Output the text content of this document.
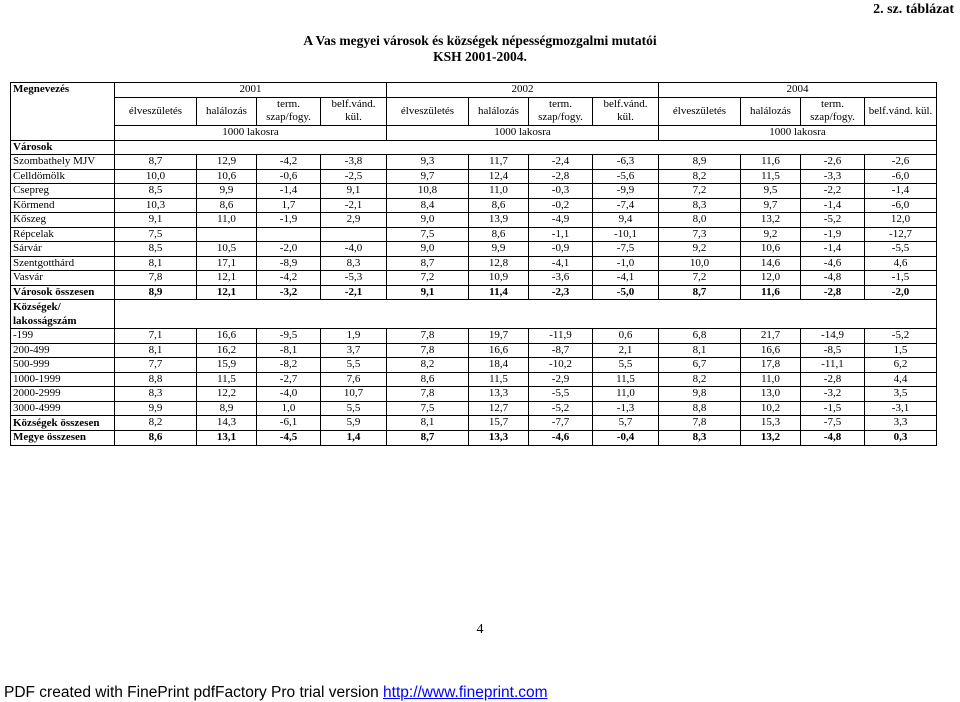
2. sz. táblázat
A Vas megyei városok és községek népességmozgalmi mutatói
KSH 2001-2004.
Megnevezés	2001				2002				2004			
	élveszületés	halálozás	term. szap/fogy.	belf.vánd. kül.	élveszületés	halálozás	term. szap/fogy.	belf.vánd. kül.	élveszületés	halálozás	term. szap/fogy.	belf.vánd. kül.
	1000 lakosra				1000 lakosra				1000 lakosra			
Városok												
Szombathely MJV	8,7	12,9	-4,2	-3,8	9,3	11,7	-2,4	-6,3	8,9	11,6	-2,6	-2,6
Celldömölk	10,0	10,6	-0,6	-2,5	9,7	12,4	-2,8	-5,6	8,2	11,5	-3,3	-6,0
Csepreg	8,5	9,9	-1,4	9,1	10,8	11,0	-0,3	-9,9	7,2	9,5	-2,2	-1,4
Körmend	10,3	8,6	1,7	-2,1	8,4	8,6	-0,2	-7,4	8,3	9,7	-1,4	-6,0
Kőszeg	9,1	11,0	-1,9	2,9	9,0	13,9	-4,9	9,4	8,0	13,2	-5,2	12,0
Répcelak	7,5				7,5	8,6	-1,1	-10,1	7,3	9,2	-1,9	-12,7
Sárvár	8,5	10,5	-2,0	-4,0	9,0	9,9	-0,9	-7,5	9,2	10,6	-1,4	-5,5
Szentgotthárd	8,1	17,1	-8,9	8,3	8,7	12,8	-4,1	-1,0	10,0	14,6	-4,6	4,6
Vasvár	7,8	12,1	-4,2	-5,3	7,2	10,9	-3,6	-4,1	7,2	12,0	-4,8	-1,5
Városok összesen	8,9	12,1	-3,2	-2,1	9,1	11,4	-2,3	-5,0	8,7	11,6	-2,8	-2,0
Községek/ lakosságszám												
-199	7,1	16,6	-9,5	1,9	7,8	19,7	-11,9	0,6	6,8	21,7	-14,9	-5,2
200-499	8,1	16,2	-8,1	3,7	7,8	16,6	-8,7	2,1	8,1	16,6	-8,5	1,5
500-999	7,7	15,9	-8,2	5,5	8,2	18,4	-10,2	5,5	6,7	17,8	-11,1	6,2
1000-1999	8,8	11,5	-2,7	7,6	8,6	11,5	-2,9	11,5	8,2	11,0	-2,8	4,4
2000-2999	8,3	12,2	-4,0	10,7	7,8	13,3	-5,5	11,0	9,8	13,0	-3,2	3,5
3000-4999	9,9	8,9	1,0	5,5	7,5	12,7	-5,2	-1,3	8,8	10,2	-1,5	-3,1
Községek összesen	8,2	14,3	-6,1	5,9	8,1	15,7	-7,7	5,7	7,8	15,3	-7,5	3,3
Megye összesen	8,6	13,1	-4,5	1,4	8,7	13,3	-4,6	-0,4	8,3	13,2	-4,8	0,3
4
PDF created with FinePrint pdfFactory Pro trial version http://www.fineprint.com
